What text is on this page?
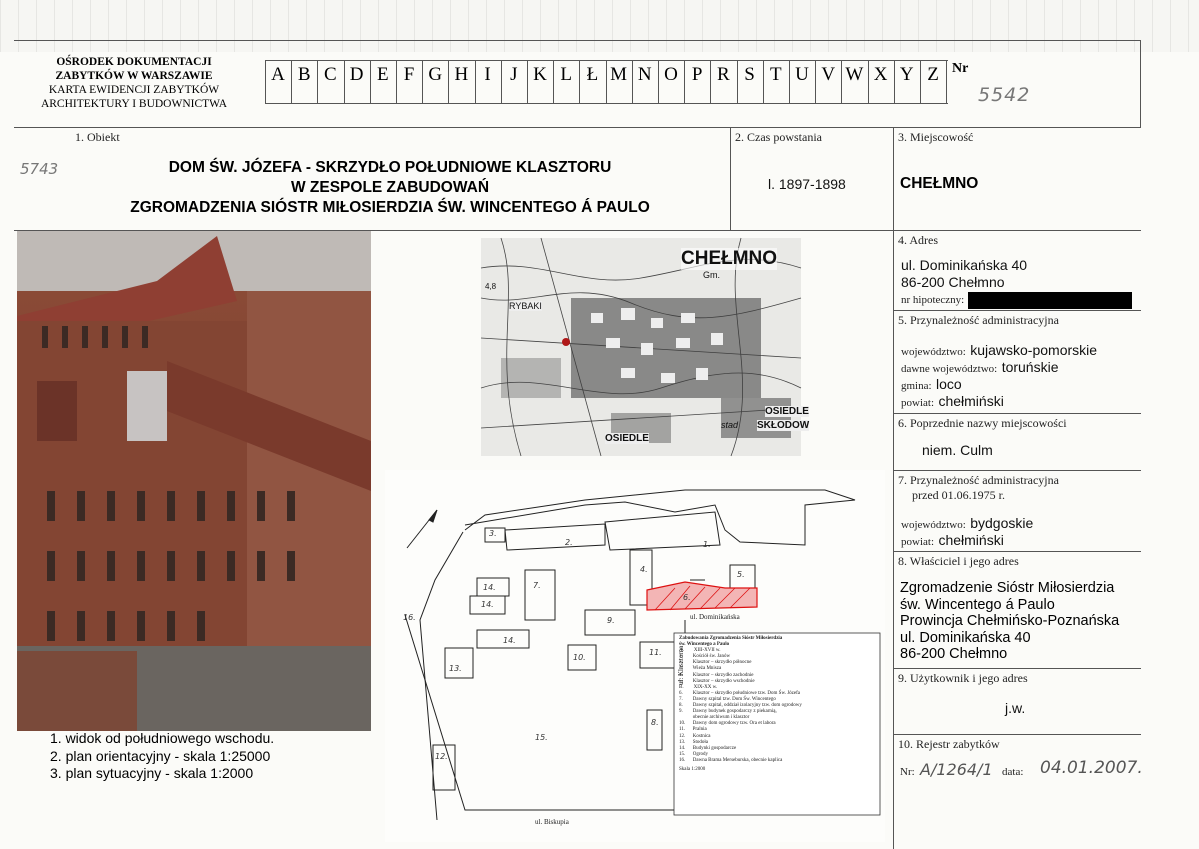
OŚRODEK DOKUMENTACJI
ZABYTKÓW W WARSZAWIE
KARTA EWIDENCJI ZABYTKÓW
ARCHITEKTURY I BUDOWNICTWA
A B C D E F G H I	J K L Ł M N O P R S T U V W X Y Z Nr
5542
1. Obiekt
5743	DOM ŚW. JÓZEFA - SKRZYDŁO POŁUDNIOWE KLASZTORU
W ZESPOLE ZABUDOWAŃ
ZGROMADZENIA SIÓSTR MIŁOSIERDZIA ŚW. WINCENTEGO Á PAULO
2. Czas powstania
l. 1897-1898
3. Miejscowość
CHEŁMNO
4. Adres
ul. Dominikańska 40
86-200 Chełmno
nr hipoteczny:
5. Przynależność administracyjna
województwo: kujawsko-pomorskie
dawne województwo: toruńskie
gmina: loco
powiat: chełmiński
6. Poprzednie nazwy miejscowości
niem. Culm
7. Przynależność administracyjna
przed 01.06.1975 r.
województwo: bydgoskie
powiat: chełmiński
8. Właściciel i jego adres
Zgromadzenie Sióstr Miłosierdzia
św. Wincentego á Paulo
Prowincja Chełmińsko-Poznańska
ul. Dominikańska 40
86-200 Chełmno
9. Użytkownik i jego adres
j.w.
10. Rejestr zabytków
Nr: A/1264/1 data: 04.01.2007.
1. widok od południowego wschodu.
2. plan orientacyjny - skala 1:25000
3. plan sytuacyjny - skala 1:2000
CHEŁMNO
Gm.
RYBAKI
4,8
OSIEDLE
OSIEDLE
SKŁODOW
stad
1.
2.
3.
4.
5.
6.
7.
8.
9.
10.
11.
12.
13.
14.
14.
14.
15.
16.	ul. Dominikańska
ul. Klasztorna
ul. Biskupia
Zabudowania Zgromadzenia Sióstr Miłosierdzia
św. Wincentego a Paulo
A.        XIII-XVII w.
1.        Kościół św. Janów
2.        Klasztor – skrzydło północne
3.        Wieża Mnisza
4.        Klasztor – skrzydło zachodnie
5.        Klasztor – skrzydło wschodnie
B.        XIX-XX w.
6.        Klasztor – skrzydło południowe tzw. Dom Św. Józefa
7.        Dawny szpital tzw. Dom Św. Wincentego
8.        Dawny szpital, oddział izolacyjny tzw. dom ogrodowy
9.        Dawny budynek gospodarczy z piekarnią,
obecnie archiwum i klasztor
10.      Dawny dom ogrodowy tzw. Ora et labora
11.      Pralnia
12.      Kostnica
13.      Stodoła
14.      Budynki gospodarcze
15.      Ogrody
16.      Dawna Brama Merseburska, obecnie kaplica
Skala 1:2000
